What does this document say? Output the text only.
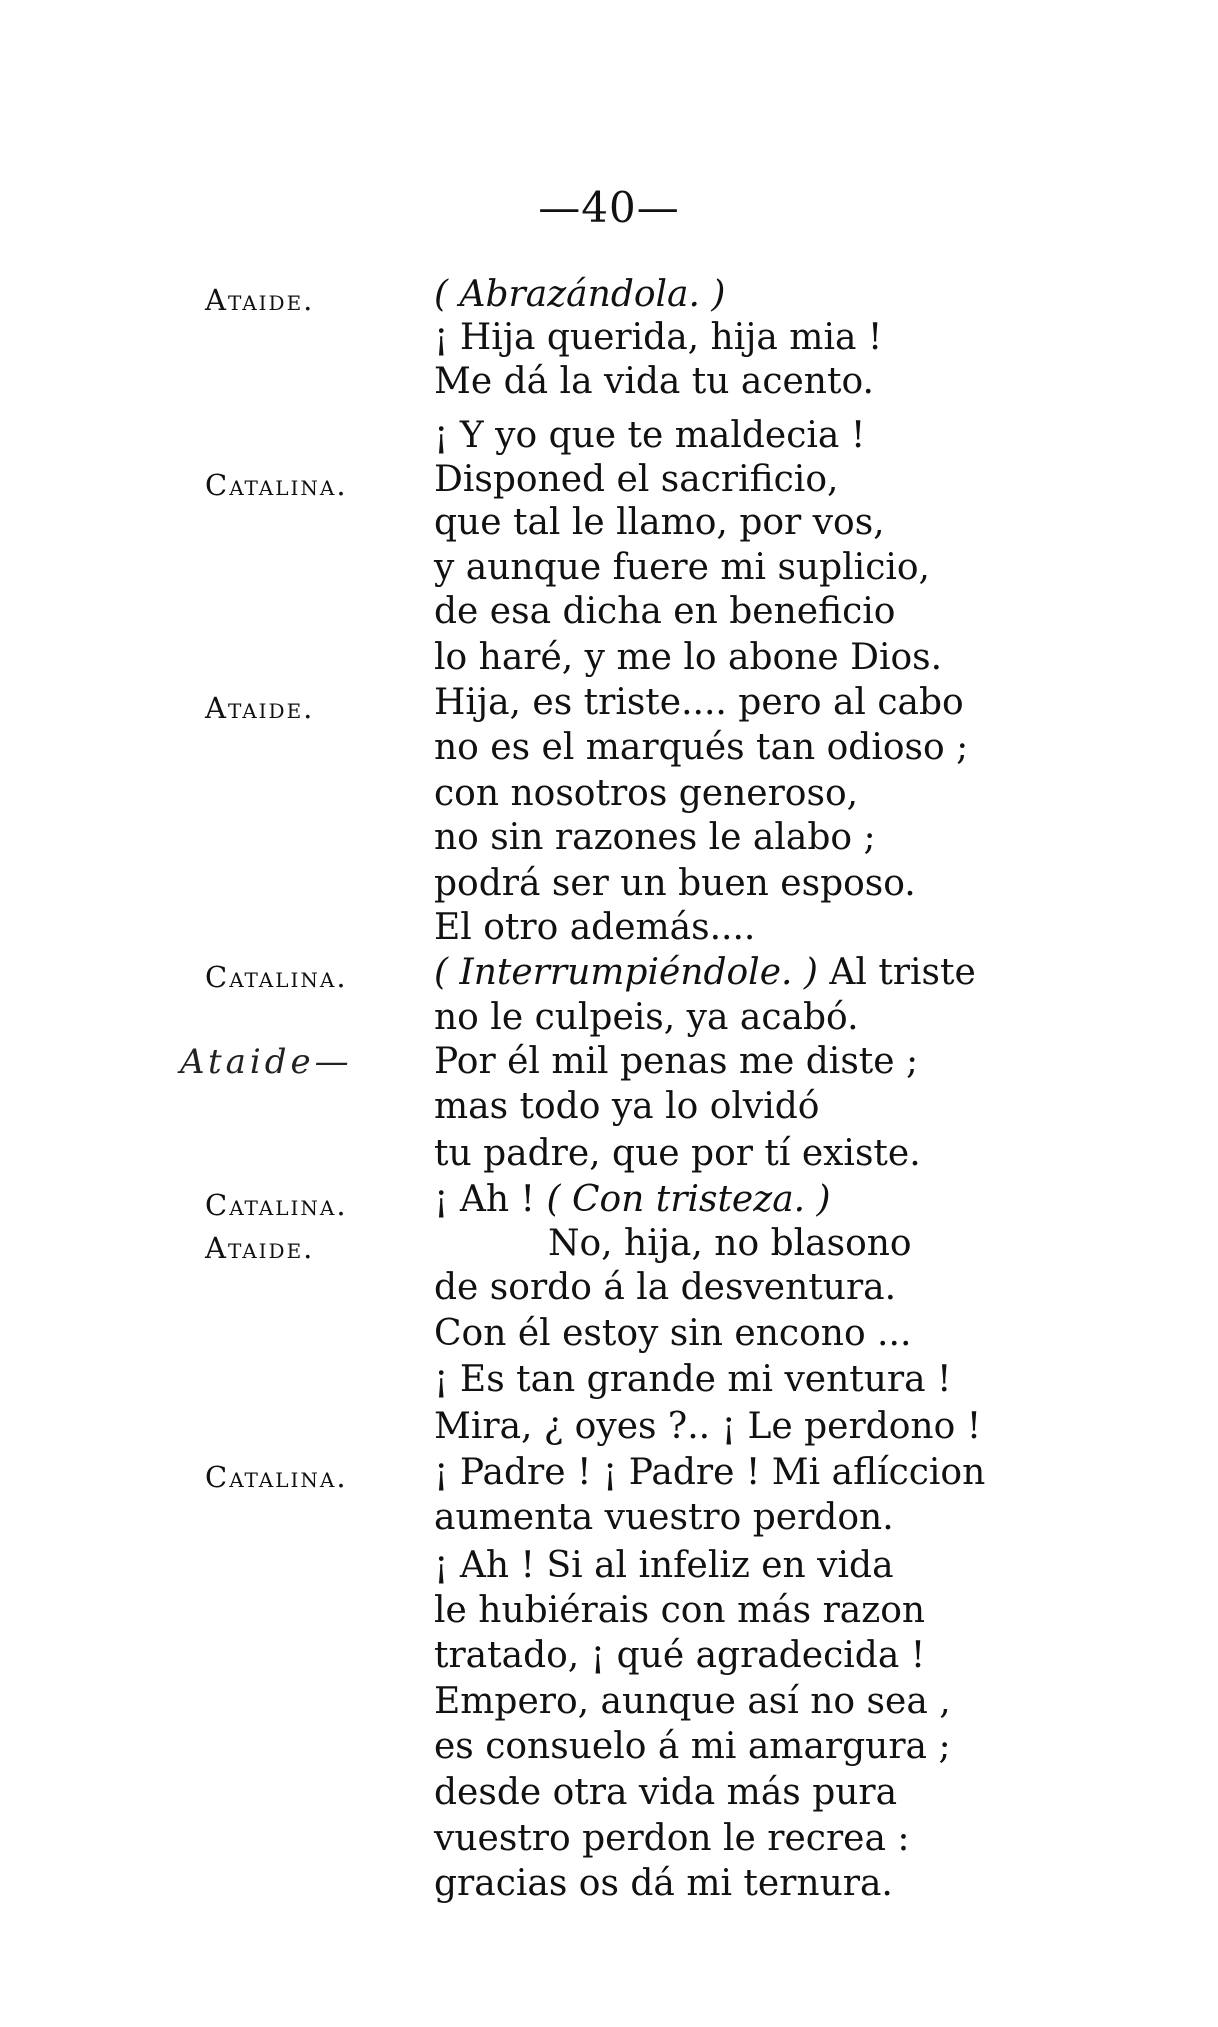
—40—
Ataide.
Catalina.
Ataide.
Catalina.
Ataide—
Catalina.
Ataide.
Catalina.
( Abrazándola. )
¡ Hija querida, hija mia !
Me dá la vida tu acento.
¡ Y yo que te maldecia !
Disponed el sacrificio,
que tal le llamo, por vos,
y aunque fuere mi suplicio,
de esa dicha en beneficio
lo haré, y me lo abone Dios.
Hija, es triste.... pero al cabo
no es el marqués tan odioso ;
con nosotros generoso,
no sin razones le alabo ;
podrá ser un buen esposo.
El otro además....
( Interrumpiéndole. ) Al triste
no le culpeis, ya acabó.
Por él mil penas me diste ;
mas todo ya lo olvidó
tu padre, que por tí existe.
¡ Ah ! ( Con tristeza. )
No, hija, no blasono
de sordo á la desventura.
Con él estoy sin encono ...
¡ Es tan grande mi ventura !
Mira, ¿ oyes ?.. ¡ Le perdono !
¡ Padre ! ¡ Padre ! Mi aflíccion
aumenta vuestro perdon.
¡ Ah ! Si al infeliz en vida
le hubiérais con más razon
tratado, ¡ qué agradecida !
Empero, aunque así no sea ,
es consuelo á mi amargura ;
desde otra vida más pura
vuestro perdon le recrea :
gracias os dá mi ternura.
